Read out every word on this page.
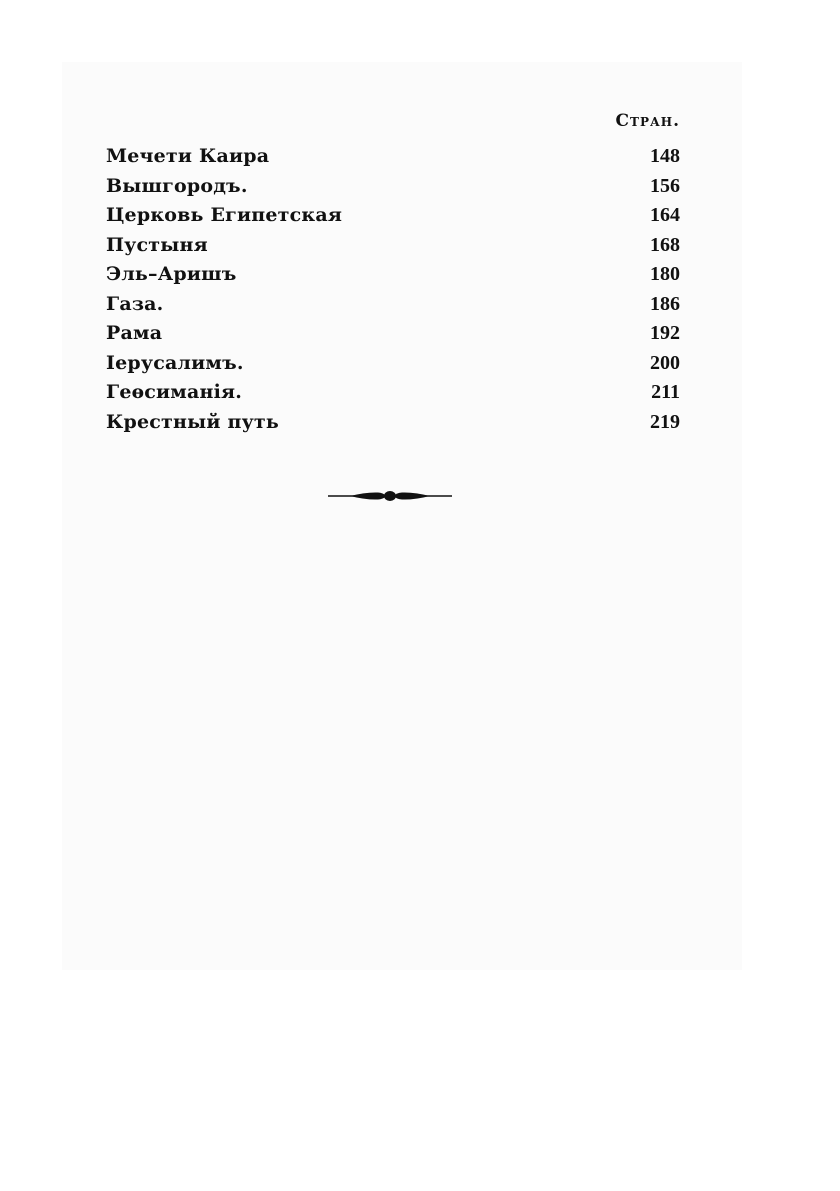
Стран.
Мечети Каира	148
Вышгородъ.	156
Церковь Египетская	164
Пустыня	168
Эль–Аришъ	180
Газа.	186
Рама	192
Іерусалимъ.	200
Геѳсиманія.	211
Крестный путь	219
